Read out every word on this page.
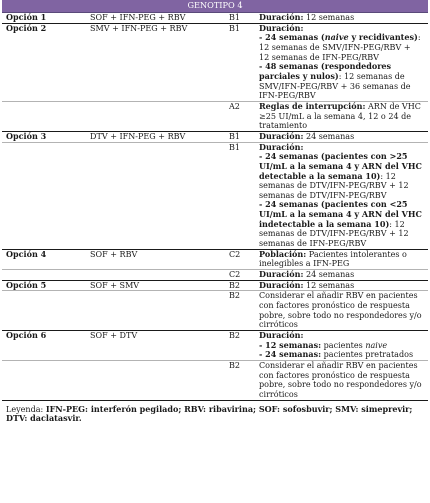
GENOTIPO 4			
Opción 1	SOF + IFN-PEG + RBV	B1	Duración: 12 semanas
Opción 2	SMV + IFN-PEG + RBV	B1	Duración:
			- 24 semanas (naive y recidivantes): 12 semanas de SMV/IFN-PEG/RBV + 12 semanas de IFN-PEG/RBV
			- 48 semanas (respondedores parciales y nulos): 12 semanas de SMV/IFN-PEG/RBV + 36 semanas de IFN-PEG/RBV
		A2	Reglas de interrupción: ARN de VHC ≥25 UI/mL a la semana 4, 12 o 24 de tratamiento
Opción 3	DTV + IFN-PEG + RBV	B1	Duración: 24 semanas
		B1	Duración:
			- 24 semanas (pacientes con >25 UI/mL a la semana 4 y ARN del VHC detectable a la semana 10): 12 semanas de DTV/IFN-PEG/RBV + 12 semanas de DTV/IFN-PEG/RBV
			- 24 semanas (pacientes con <25 UI/mL a la semana 4 y ARN del VHC indetectable a la semana 10): 12 semanas de DTV/IFN-PEG/RBV + 12 semanas de IFN-PEG/RBV
Opción 4	SOF + RBV	C2	Población: Pacientes intolerantes o inelegibles a IFN-PEG
		C2	Duración: 24 semanas
Opción 5	SOF + SMV	B2	Duración: 12 semanas
		B2	Considerar el añadir RBV en pacientes con factores pronóstico de respuesta pobre, sobre todo no respondedores y/o cirróticos
Opción 6	SOF + DTV	B2	Duración:
			- 12 semanas: pacientes naive
			- 24 semanas: pacientes pretratados
		B2	Considerar el añadir RBV en pacientes con factores pronóstico de respuesta pobre, sobre todo no respondedores y/o cirróticos
Leyenda: IFN-PEG: interferón pegilado; RBV: ribavirina; SOF: sofosbuvir; SMV: simeprevir; DTV: daclatasvir.
